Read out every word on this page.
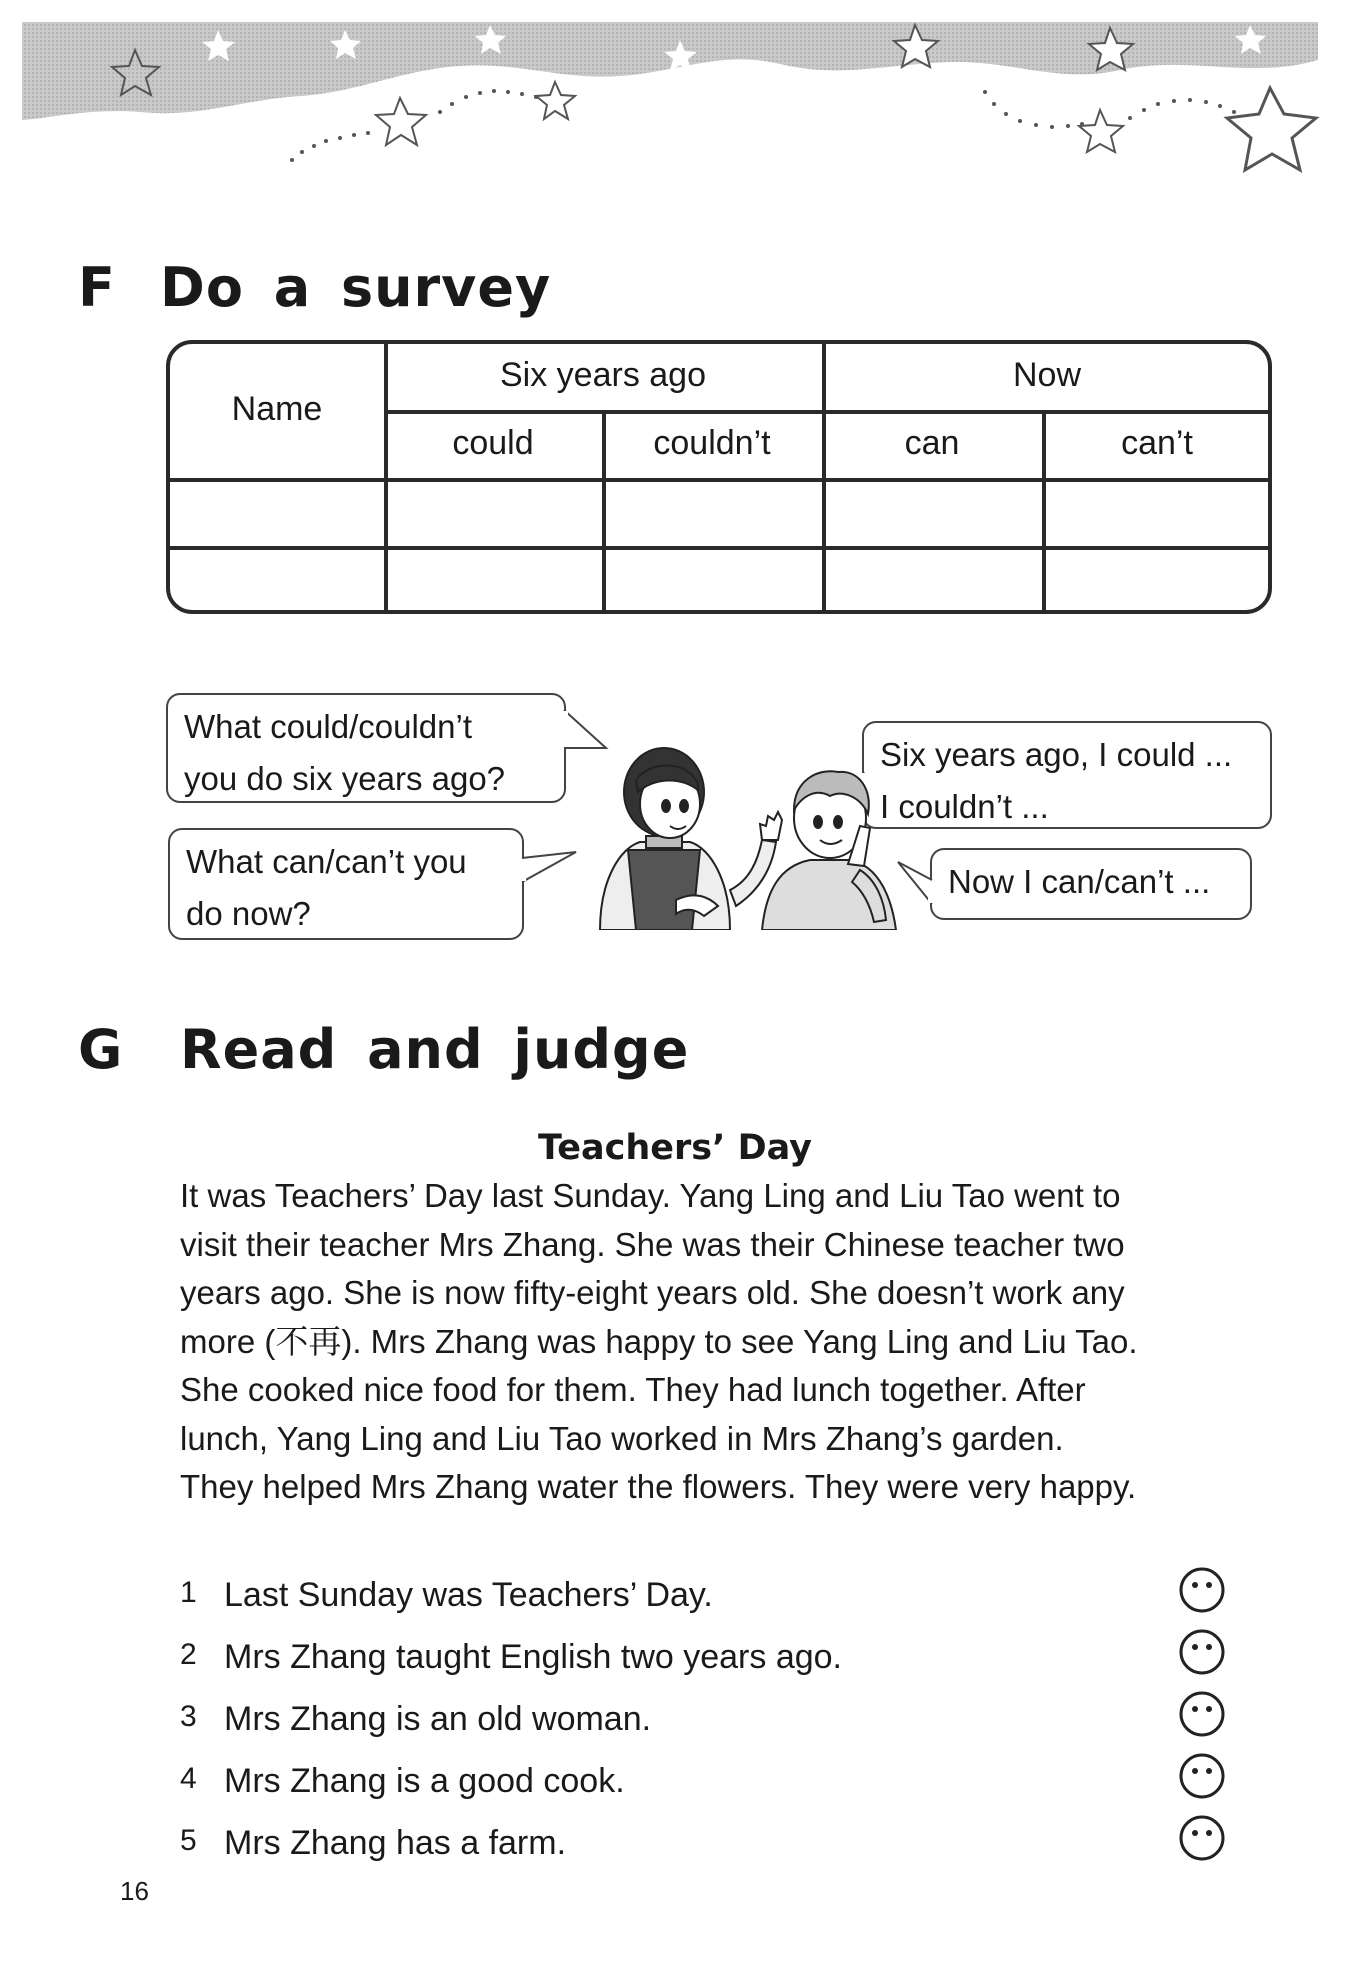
F Do a survey
Name
Six years ago	Now
could	couldn’t	can	can’t
What could/couldn’t
you do six years ago?
What can/can’t you
do now?
Six years ago, I could ...
I couldn’t ...
Now I can/can’t ...
G Read and judge
Teachers’ Day
It was Teachers’ Day last Sunday. Yang Ling and Liu Tao went to
visit their teacher Mrs Zhang. She was their Chinese teacher two
years ago. She is now fifty-eight years old. She doesn’t work any
more (不再). Mrs Zhang was happy to see Yang Ling and Liu Tao.
She cooked nice food for them. They had lunch together. After
lunch, Yang Ling and Liu Tao worked in Mrs Zhang’s garden.
They helped Mrs Zhang water the flowers. They were very happy.
1 Last Sunday was Teachers’ Day.
2 Mrs Zhang taught English two years ago.
3 Mrs Zhang is an old woman.
4 Mrs Zhang is a good cook.
5 Mrs Zhang has a farm.
16
